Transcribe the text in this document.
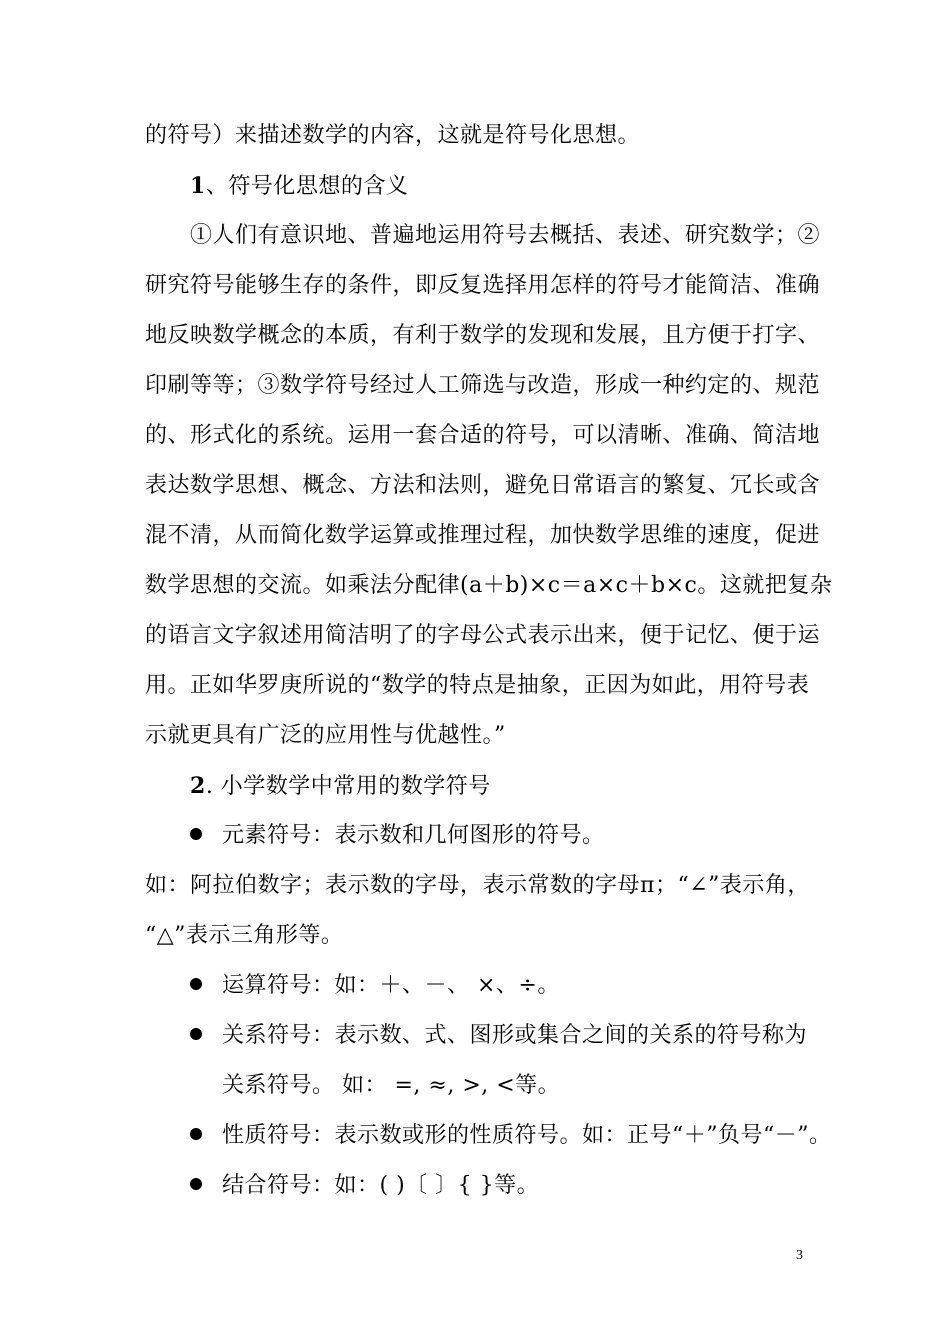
的符号）来描述数学的内容，这就是符号化思想。
1、符号化思想的含义
①人们有意识地、普遍地运用符号去概括、表述、研究数学；②
研究符号能够生存的条件，即反复选择用怎样的符号才能简洁、准确
地反映数学概念的本质，有利于数学的发现和发展，且方便于打字、
印刷等等；③数学符号经过人工筛选与改造，形成一种约定的、规范
的、形式化的系统。运用一套合适的符号，可以清晰、准确、简洁地
表达数学思想、概念、方法和法则，避免日常语言的繁复、冗长或含
混不清，从而简化数学运算或推理过程，加快数学思维的速度，促进
数学思想的交流。如乘法分配律(a＋b)×c＝a×c＋b×c。这就把复杂
的语言文字叙述用简洁明了的字母公式表示出来，便于记忆、便于运
用。正如华罗庚所说的“数学的特点是抽象，正因为如此，用符号表
示就更具有广泛的应用性与优越性。”
2. 小学数学中常用的数学符号
元素符号：表示数和几何图形的符号。
如：阿拉伯数字；表示数的字母，表示常数的字母π；“∠”表示角，
“△”表示三角形等。
运算符号：如：＋、－、 ×、÷。
关系符号：表示数、式、图形或集合之间的关系的符号称为
关系符号。 如： =, ≈, >, <等。
性质符号：表示数或形的性质符号。如：正号“＋”负号“－”。
结合符号：如：( )〔 〕{ }等。
3
